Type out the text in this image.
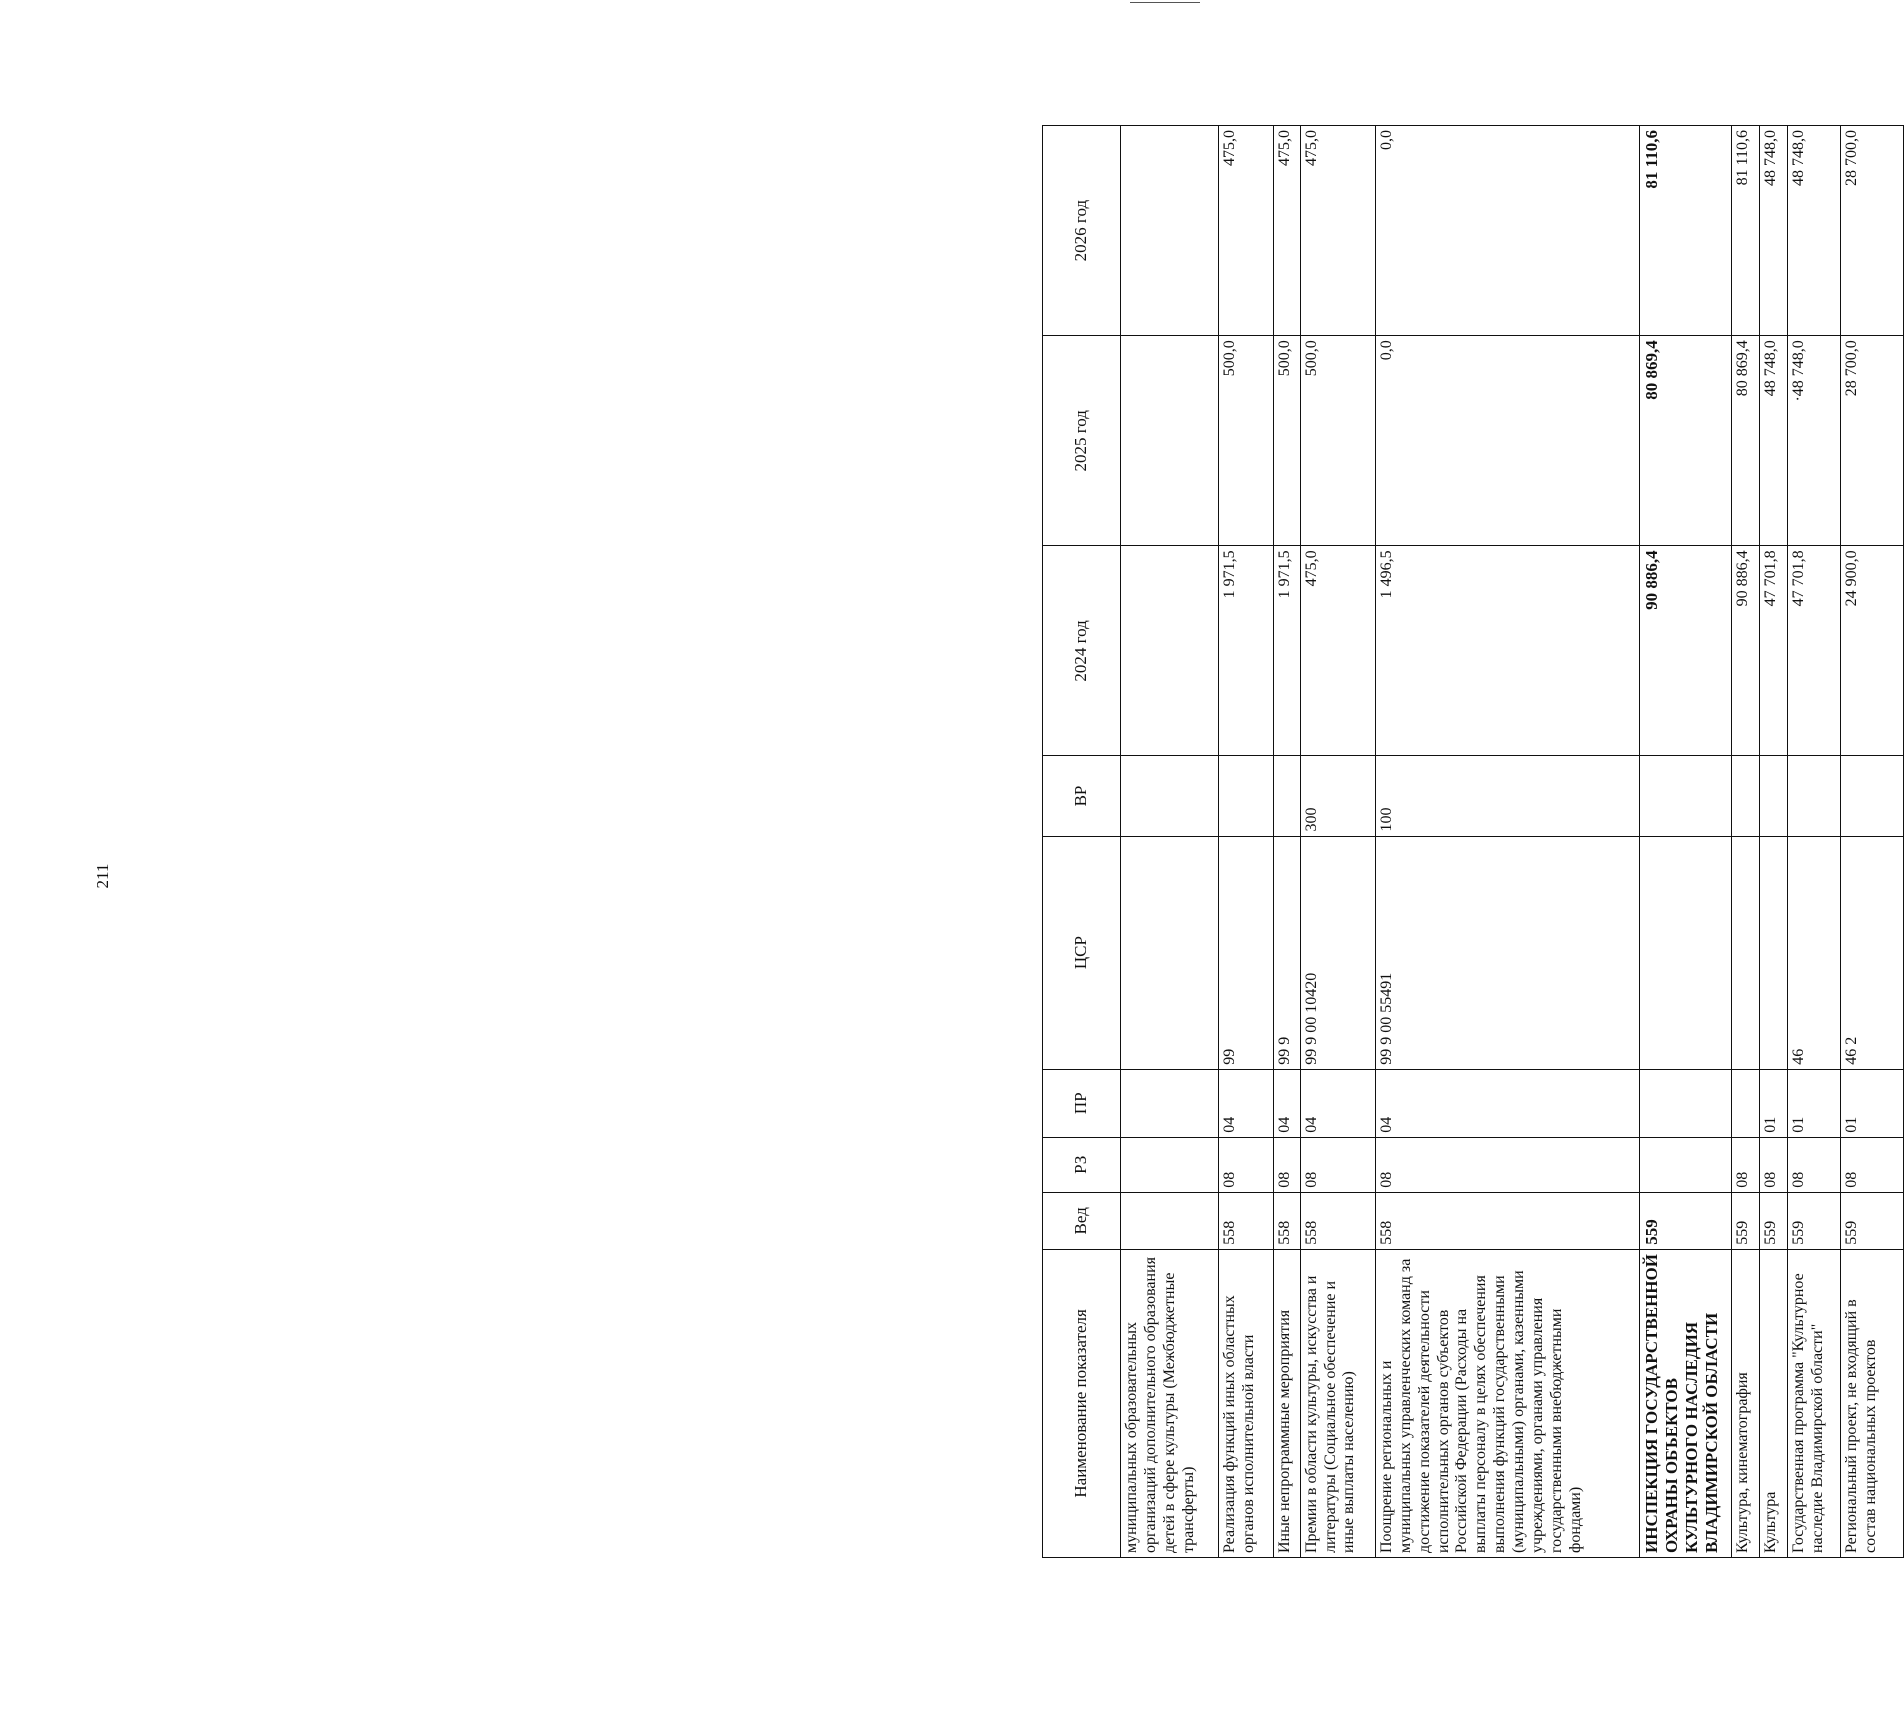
211
Наименование показателя	Вед	РЗ	ПР	ЦСР	ВР	2024 год	2025 год	2026 год
муниципальных образовательных организаций дополнительного образования детей в сфере культуры (Межбюджетные трансферты)								
Реализация функций иных областных органов исполнительной власти	558	08	04	99		1 971,5	500,0	475,0
Иные непрограммные мероприятия	558	08	04	99 9		1 971,5	500,0	475,0
Премии в области культуры, искусства и литературы (Социальное обеспечение и иные выплаты населению)	558	08	04	99 9 00 10420	300	475,0	500,0	475,0
Поощрение региональных и муниципальных управленческих команд за достижение показателей деятельности исполнительных органов субъектов Российской Федерации (Расходы на выплаты персоналу в целях обеспечения выполнения функций государственными (муниципальными) органами, казенными учреждениями, органами управления государственными внебюджетными фондами)	558	08	04	99 9 00 55491	100	1 496,5	0,0	0,0
ИНСПЕКЦИЯ ГОСУДАРСТВЕННОЙ ОХРАНЫ ОБЪЕКТОВ КУЛЬТУРНОГО НАСЛЕДИЯ ВЛАДИМИРСКОЙ ОБЛАСТИ	559					90 886,4	80 869,4	81 110,6
Культура, кинематография	559	08				90 886,4	80 869,4	81 110,6
Культура	559	08	01			47 701,8	48 748,0	48 748,0
Государственная программа "Культурное наследие Владимирской области"	559	08	01	46		47 701,8	·48 748,0	48 748,0
Региональный проект, не входящий в состав национальных проектов	559	08	01	46 2		24 900,0	28 700,0	28 700,0
